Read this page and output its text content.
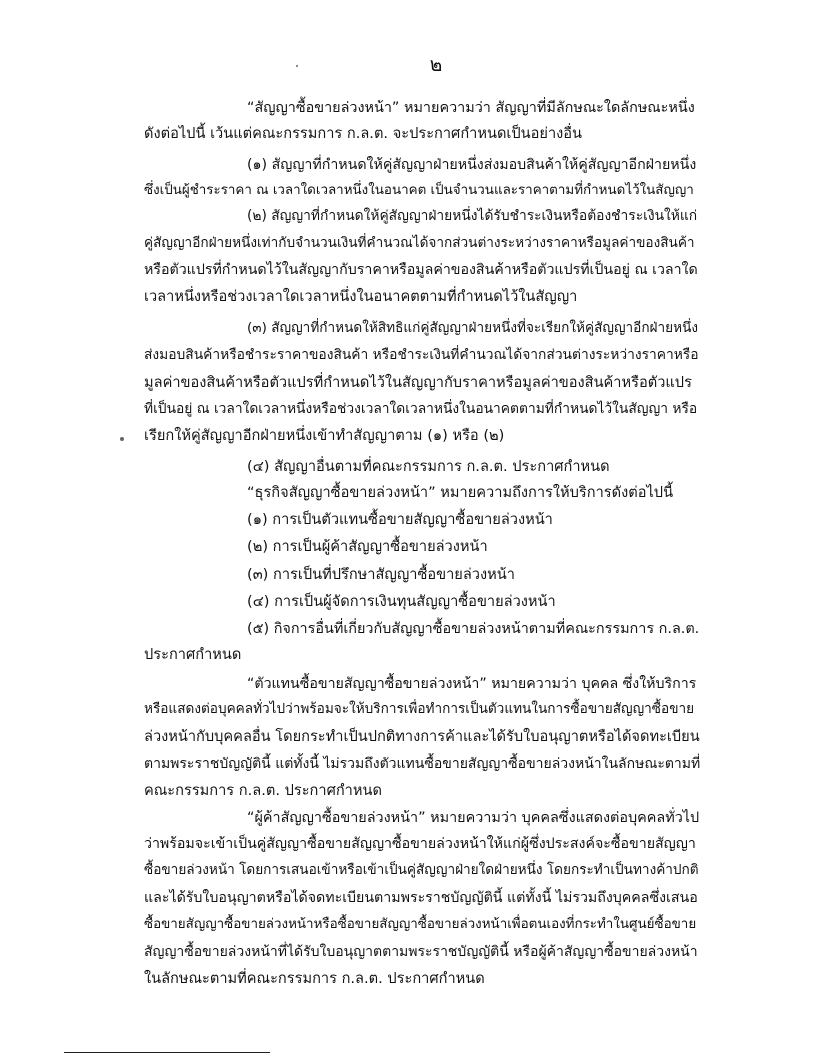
๒
“สัญญาซื้อขายล่วงหน้า” หมายความว่า สัญญาที่มีลักษณะใดลักษณะหนึ่ง
ดังต่อไปนี้ เว้นแต่คณะกรรมการ ก.ล.ต. จะประกาศกำหนดเป็นอย่างอื่น
(๑) สัญญาที่กำหนดให้คู่สัญญาฝ่ายหนึ่งส่งมอบสินค้าให้คู่สัญญาอีกฝ่ายหนึ่ง
ซึ่งเป็นผู้ชำระราคา ณ เวลาใดเวลาหนึ่งในอนาคต เป็นจำนวนและราคาตามที่กำหนดไว้ในสัญญา
(๒) สัญญาที่กำหนดให้คู่สัญญาฝ่ายหนึ่งได้รับชำระเงินหรือต้องชำระเงินให้แก่
คู่สัญญาอีกฝ่ายหนึ่งเท่ากับจำนวนเงินที่คำนวณได้จากส่วนต่างระหว่างราคาหรือมูลค่าของสินค้า
หรือตัวแปรที่กำหนดไว้ในสัญญากับราคาหรือมูลค่าของสินค้าหรือตัวแปรที่เป็นอยู่ ณ เวลาใด
เวลาหนึ่งหรือช่วงเวลาใดเวลาหนึ่งในอนาคตตามที่กำหนดไว้ในสัญญา
(๓) สัญญาที่กำหนดให้สิทธิแก่คู่สัญญาฝ่ายหนึ่งที่จะเรียกให้คู่สัญญาอีกฝ่ายหนึ่ง
ส่งมอบสินค้าหรือชำระราคาของสินค้า หรือชำระเงินที่คำนวณได้จากส่วนต่างระหว่างราคาหรือ
มูลค่าของสินค้าหรือตัวแปรที่กำหนดไว้ในสัญญากับราคาหรือมูลค่าของสินค้าหรือตัวแปร
ที่เป็นอยู่ ณ เวลาใดเวลาหนึ่งหรือช่วงเวลาใดเวลาหนึ่งในอนาคตตามที่กำหนดไว้ในสัญญา หรือ
เรียกให้คู่สัญญาอีกฝ่ายหนึ่งเข้าทำสัญญาตาม (๑) หรือ (๒)
(๔) สัญญาอื่นตามที่คณะกรรมการ ก.ล.ต. ประกาศกำหนด
“ธุรกิจสัญญาซื้อขายล่วงหน้า” หมายความถึงการให้บริการดังต่อไปนี้
(๑) การเป็นตัวแทนซื้อขายสัญญาซื้อขายล่วงหน้า
(๒) การเป็นผู้ค้าสัญญาซื้อขายล่วงหน้า
(๓) การเป็นที่ปรึกษาสัญญาซื้อขายล่วงหน้า
(๔) การเป็นผู้จัดการเงินทุนสัญญาซื้อขายล่วงหน้า
(๕) กิจการอื่นที่เกี่ยวกับสัญญาซื้อขายล่วงหน้าตามที่คณะกรรมการ ก.ล.ต.
ประกาศกำหนด
“ตัวแทนซื้อขายสัญญาซื้อขายล่วงหน้า” หมายความว่า บุคคล ซึ่งให้บริการ
หรือแสดงต่อบุคคลทั่วไปว่าพร้อมจะให้บริการเพื่อทำการเป็นตัวแทนในการซื้อขายสัญญาซื้อขาย
ล่วงหน้ากับบุคคลอื่น โดยกระทำเป็นปกติทางการค้าและได้รับใบอนุญาตหรือได้จดทะเบียน
ตามพระราชบัญญัตินี้ แต่ทั้งนี้ ไม่รวมถึงตัวแทนซื้อขายสัญญาซื้อขายล่วงหน้าในลักษณะตามที่
คณะกรรมการ ก.ล.ต. ประกาศกำหนด
“ผู้ค้าสัญญาซื้อขายล่วงหน้า” หมายความว่า บุคคลซึ่งแสดงต่อบุคคลทั่วไป
ว่าพร้อมจะเข้าเป็นคู่สัญญาซื้อขายสัญญาซื้อขายล่วงหน้าให้แก่ผู้ซึ่งประสงค์จะซื้อขายสัญญา
ซื้อขายล่วงหน้า โดยการเสนอเข้าหรือเข้าเป็นคู่สัญญาฝ่ายใดฝ่ายหนึ่ง โดยกระทำเป็นทางค้าปกติ
และได้รับใบอนุญาตหรือได้จดทะเบียนตามพระราชบัญญัตินี้ แต่ทั้งนี้ ไม่รวมถึงบุคคลซึ่งเสนอ
ซื้อขายสัญญาซื้อขายล่วงหน้าหรือซื้อขายสัญญาซื้อขายล่วงหน้าเพื่อตนเองที่กระทำในศูนย์ซื้อขาย
สัญญาซื้อขายล่วงหน้าที่ได้รับใบอนุญาตตามพระราชบัญญัตินี้ หรือผู้ค้าสัญญาซื้อขายล่วงหน้า
ในลักษณะตามที่คณะกรรมการ ก.ล.ต. ประกาศกำหนด
